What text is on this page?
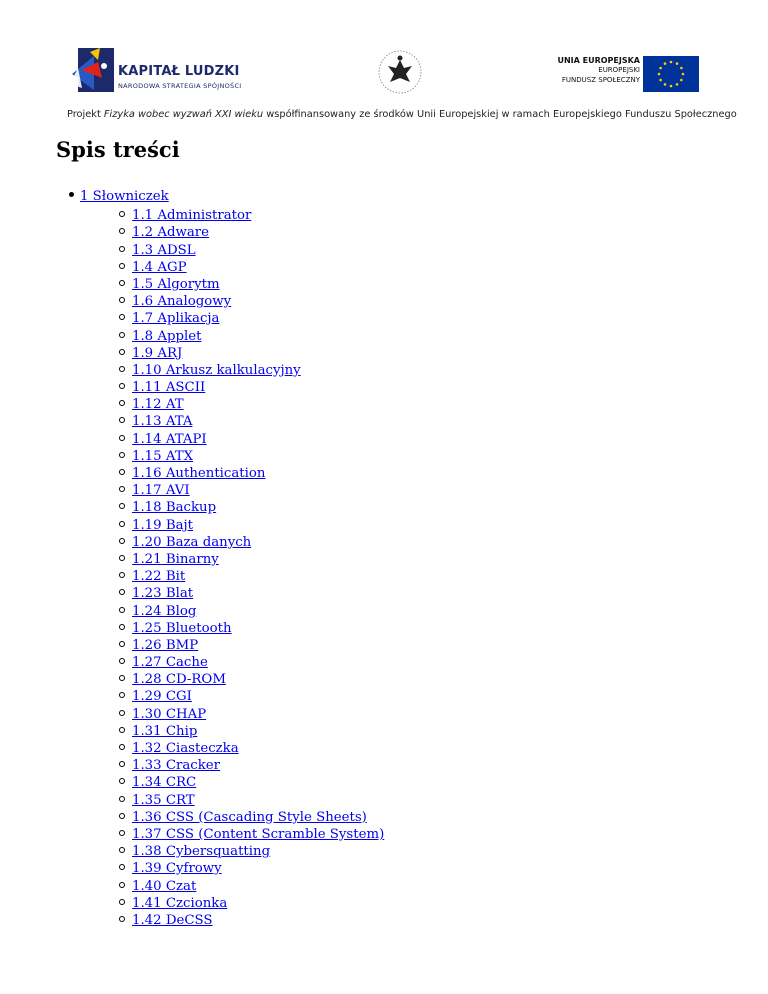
KAPITAŁ LUDZKI
NARODOWA STRATEGIA SPÓJNOŚCI
UNIA EUROPEJSKA
EUROPEJSKI
FUNDUSZ SPOŁECZNY
Projekt Fizyka wobec wyzwań XXI wieku współfinansowany ze środków Unii Europejskiej w ramach Europejskiego Funduszu Społecznego
Spis treści
1 Słowniczek
1.1 Administrator
1.2 Adware
1.3 ADSL
1.4 AGP
1.5 Algorytm
1.6 Analogowy
1.7 Aplikacja
1.8 Applet
1.9 ARJ
1.10 Arkusz kalkulacyjny
1.11 ASCII
1.12 AT
1.13 ATA
1.14 ATAPI
1.15 ATX
1.16 Authentication
1.17 AVI
1.18 Backup
1.19 Bajt
1.20 Baza danych
1.21 Binarny
1.22 Bit
1.23 Blat
1.24 Blog
1.25 Bluetooth
1.26 BMP
1.27 Cache
1.28 CD-ROM
1.29 CGI
1.30 CHAP
1.31 Chip
1.32 Ciasteczka
1.33 Cracker
1.34 CRC
1.35 CRT
1.36 CSS (Cascading Style Sheets)
1.37 CSS (Content Scramble System)
1.38 Cybersquatting
1.39 Cyfrowy
1.40 Czat
1.41 Czcionka
1.42 DeCSS
